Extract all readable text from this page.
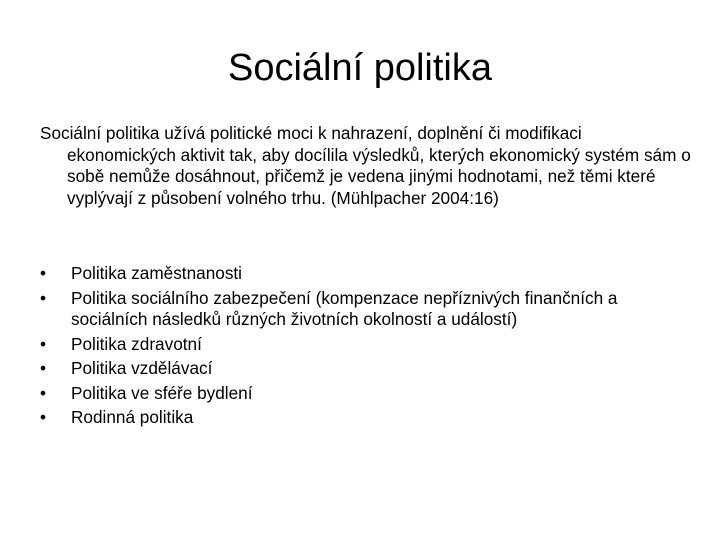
Sociální politika

Sociální politika užívá politické moci k nahrazení, doplnění či modifikaci ekonomických aktivit tak, aby docílila výsledků, kterých ekonomický systém sám o sobě nemůže dosáhnout, přičemž je vedena jinými hodnotami, než těmi které vyplývají z působení volného trhu. (Mühlpacher 2004:16)

•	Politika zaměstnanosti
•	Politika sociálního zabezpečení (kompenzace nepříznivých finančních a sociálních následků různých životních okolností a událostí)
•	Politika zdravotní
•	Politika vzdělávací
•	Politika ve sféře bydlení
•	Rodinná politika
